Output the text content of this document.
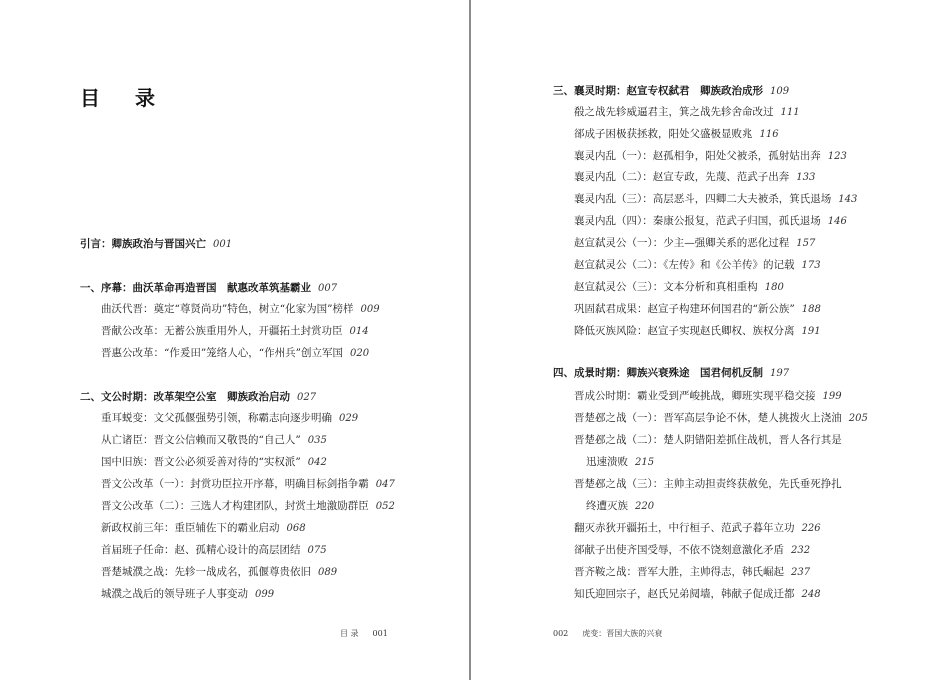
目 录
引言：卿族政治与晋国兴亡 001
一、序幕：曲沃革命再造晋国　献惠改革筑基霸业 007
曲沃代晋：奠定“尊贤尚功”特色，树立“化家为国”榜样 009
晋献公改革：无蓄公族重用外人，开疆拓土封赏功臣 014
晋惠公改革：“作爰田”笼络人心，“作州兵”创立军国 020
二、文公时期：改革架空公室　卿族政治启动 027
重耳蜕变：文父孤偃强势引领，称霸志向逐步明确 029
从亡诸臣：晋文公信赖而又敬畏的“自己人” 035
国中旧族：晋文公必须妥善对待的“实权派” 042
晋文公改革（一）：封赏功臣拉开序幕，明确目标剑指争霸 047
晋文公改革（二）：三选人才构建团队，封赏土地激励群臣 052
新政权前三年：重臣辅佐下的霸业启动 068
首届班子任命：赵、孤精心设计的高层团结 075
晋楚城濮之战：先轸一战成名，孤偃尊贵依旧 089
城濮之战后的领导班子人事变动 099
目 录 001
三、襄灵时期：赵宣专权弑君　卿族政治成形 109
殽之战先轸威逼君主，箕之战先轸舍命改过 111
郤成子困极获拯救，阳处父盛极显败兆 116
襄灵内乱（一）：赵孤相争，阳处父被杀，孤射姑出奔 123
襄灵内乱（二）：赵宣专政，先蔑、范武子出奔 133
襄灵内乱（三）：高层恶斗，四卿二大夫被杀，箕氏退场 143
襄灵内乱（四）：秦康公报复，范武子归国，孤氏退场 146
赵宣弑灵公（一）：少主—强卿关系的恶化过程 157
赵宣弑灵公（二）：《左传》和《公羊传》的记载 173
赵宣弑灵公（三）：文本分析和真相重构 180
巩固弑君成果：赵宣子构建环伺国君的“新公族” 188
降低灭族风险：赵宣子实现赵氏卿权、族权分离 191
四、成景时期：卿族兴衰殊途　国君伺机反制 197
晋成公时期：霸业受到严峻挑战，卿班实现平稳交接 199
晋楚邲之战（一）：晋军高层争论不休，楚人挑拨火上浇油 205
晋楚邲之战（二）：楚人阴错阳差抓住战机，晋人各行其是
迅速溃败 215
晋楚邲之战（三）：主帅主动担责终获赦免，先氏垂死挣扎
终遭灭族 220
翻灭赤狄开疆拓土，中行桓子、范武子暮年立功 226
郤献子出使齐国受辱，不依不饶刻意激化矛盾 232
晋齐鞍之战：晋军大胜，主帅得志，韩氏崛起 237
知氏迎回宗子，赵氏兄弟阋墙，韩献子促成迁都 248
002 虎变：晋国大族的兴衰
